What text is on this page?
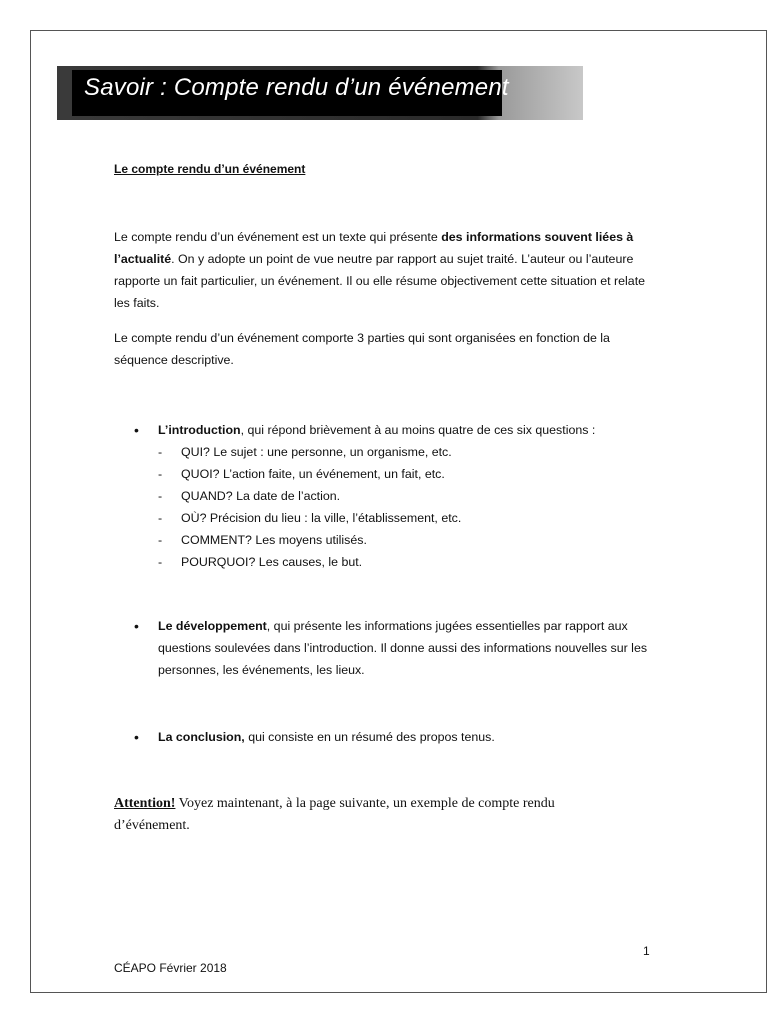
Savoir : Compte rendu d’un événement
Le compte rendu d’un événement
Le compte rendu d’un événement est un texte qui présente des informations souvent liées à l’actualité. On y adopte un point de vue neutre par rapport au sujet traité. L’auteur ou l’auteure rapporte un fait particulier, un événement. Il ou elle résume objectivement cette situation et relate les faits.
Le compte rendu d’un événement comporte 3 parties qui sont organisées en fonction de la séquence descriptive.
• L’introduction, qui répond brièvement à au moins quatre de ces six questions :
- QUI? Le sujet : une personne, un organisme, etc.
- QUOI? L’action faite, un événement, un fait, etc.
- QUAND? La date de l’action.
- OÙ? Précision du lieu : la ville, l’établissement, etc.
- COMMENT? Les moyens utilisés.
- POURQUOI? Les causes, le but.
• Le développement, qui présente les informations jugées essentielles par rapport aux questions soulevées dans l’introduction. Il donne aussi des informations nouvelles sur les personnes, les événements, les lieux.
• La conclusion, qui consiste en un résumé des propos tenus.
Attention! Voyez maintenant, à la page suivante, un exemple de compte rendu d’événement.
1
CÉAPO Février 2018
